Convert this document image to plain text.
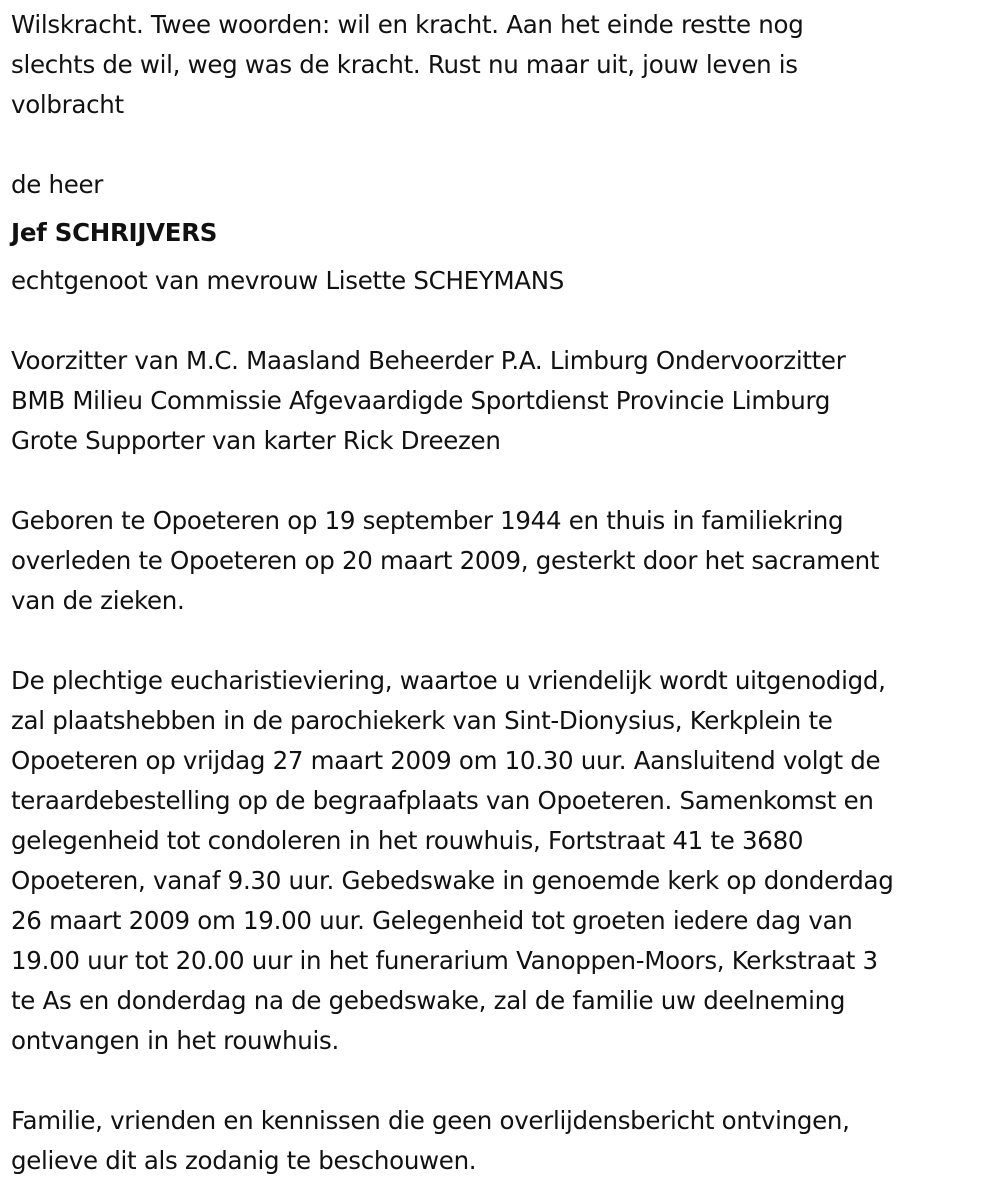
Wilskracht. Twee woorden: wil en kracht. Aan het einde restte nog
slechts de wil, weg was de kracht. Rust nu maar uit, jouw leven is
volbracht
de heer
Jef SCHRIJVERS
echtgenoot van mevrouw Lisette SCHEYMANS
Voorzitter van M.C. Maasland Beheerder P.A. Limburg Ondervoorzitter
BMB Milieu Commissie Afgevaardigde Sportdienst Provincie Limburg
Grote Supporter van karter Rick Dreezen
Geboren te Opoeteren op 19 september 1944 en thuis in familiekring
overleden te Opoeteren op 20 maart 2009, gesterkt door het sacrament
van de zieken.
De plechtige eucharistieviering, waartoe u vriendelijk wordt uitgenodigd,
zal plaatshebben in de parochiekerk van Sint-Dionysius, Kerkplein te
Opoeteren op vrijdag 27 maart 2009 om 10.30 uur. Aansluitend volgt de
teraardebestelling op de begraafplaats van Opoeteren. Samenkomst en
gelegenheid tot condoleren in het rouwhuis, Fortstraat 41 te 3680
Opoeteren, vanaf 9.30 uur. Gebedswake in genoemde kerk op donderdag
26 maart 2009 om 19.00 uur. Gelegenheid tot groeten iedere dag van
19.00 uur tot 20.00 uur in het funerarium Vanoppen-Moors, Kerkstraat 3
te As en donderdag na de gebedswake, zal de familie uw deelneming
ontvangen in het rouwhuis.
Familie, vrienden en kennissen die geen overlijdensbericht ontvingen,
gelieve dit als zodanig te beschouwen.
